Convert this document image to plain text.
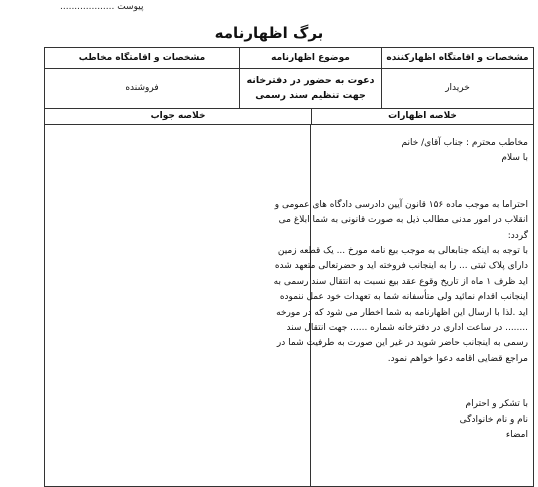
پیوست ...................
برگ اظهارنامه
مشخصات و اقامتگاه اظهارکننده
موضوع اظهارنامه
مشخصات و اقامتگاه مخاطب
خریدار
دعوت به حضور در دفترخانه جهت تنظیم سند رسمی
فروشنده
خلاصه اظهارات
خلاصه جواب

مخاطب محترم : جناب آقای/ خانم

با سلام

احتراما به موجب ماده ۱۵۶ قانون آیین دادرسی دادگاه های عمومی و انقلاب در امور مدنی مطالب ذیل به صورت قانونی به شما ابلاغ می گردد:

با توجه به اینکه جنابعالی به موجب بیع نامه مورخ ... یک قطعه زمین دارای پلاک ثبتی ... را به اینجانب فروخته اید و حضرتعالی متعهد شده اید ظرف ۱ ماه از تاریخ وقوع عقد بیع نسبت به انتقال سند رسمی به اینجانب اقدام نمائید ولی متأسفانه شما به تعهدات خود عمل ننموده اید .لذا با ارسال این اظهارنامه به شما اخطار می شود که در مورخه ........ در ساعت اداری در دفترخانه شماره ...... جهت انتقال سند رسمی به اینجانب حاضر شوید در غیر این صورت به طرفیت شما در مراجع قضایی اقامه دعوا خواهم نمود.

با تشکر و احترام

نام و نام خانوادگی

امضاء
